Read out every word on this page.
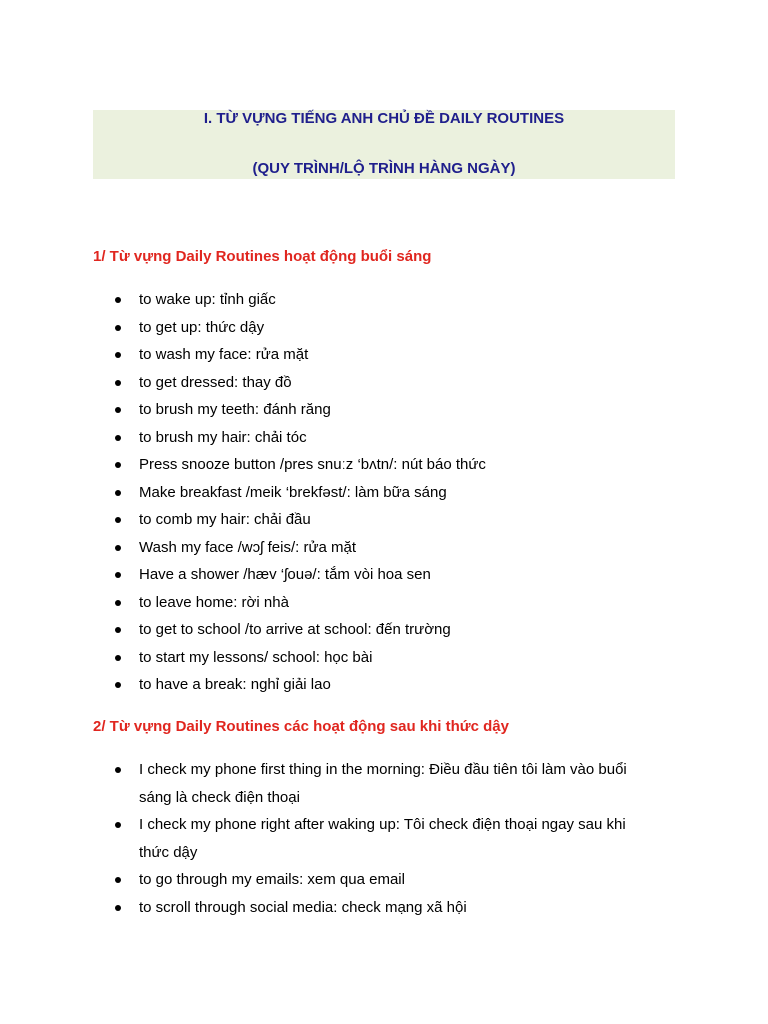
I. TỪ VỰNG TIẾNG ANH CHỦ ĐỀ DAILY ROUTINES
(QUY TRÌNH/LỘ TRÌNH HÀNG NGÀY)
1/ Từ vựng Daily Routines hoạt động buổi sáng
to wake up: tỉnh giấc
to get up: thức dậy
to wash my face: rửa mặt
to get dressed: thay đồ
to brush my teeth: đánh răng
to brush my hair: chải tóc
Press snooze button /pres snuːz ‘bʌtn/: nút báo thức
Make breakfast /meik ‘brekfəst/: làm bữa sáng
to comb my hair: chải đầu
Wash my face /wɔʃ feis/: rửa mặt
Have a shower /hæv ‘ʃouə/: tắm vòi hoa sen
to leave home: rời nhà
to get to school /to arrive at school: đến trường
to start my lessons/ school: học bài
to have a break: nghỉ giải lao
2/ Từ vựng Daily Routines các hoạt động sau khi thức dậy
I check my phone first thing in the morning: Điều đầu tiên tôi làm vào buổi sáng là check điện thoại
I check my phone right after waking up: Tôi check điện thoại ngay sau khi thức dậy
to go through my emails: xem qua email
to scroll through social media: check mạng xã hội
